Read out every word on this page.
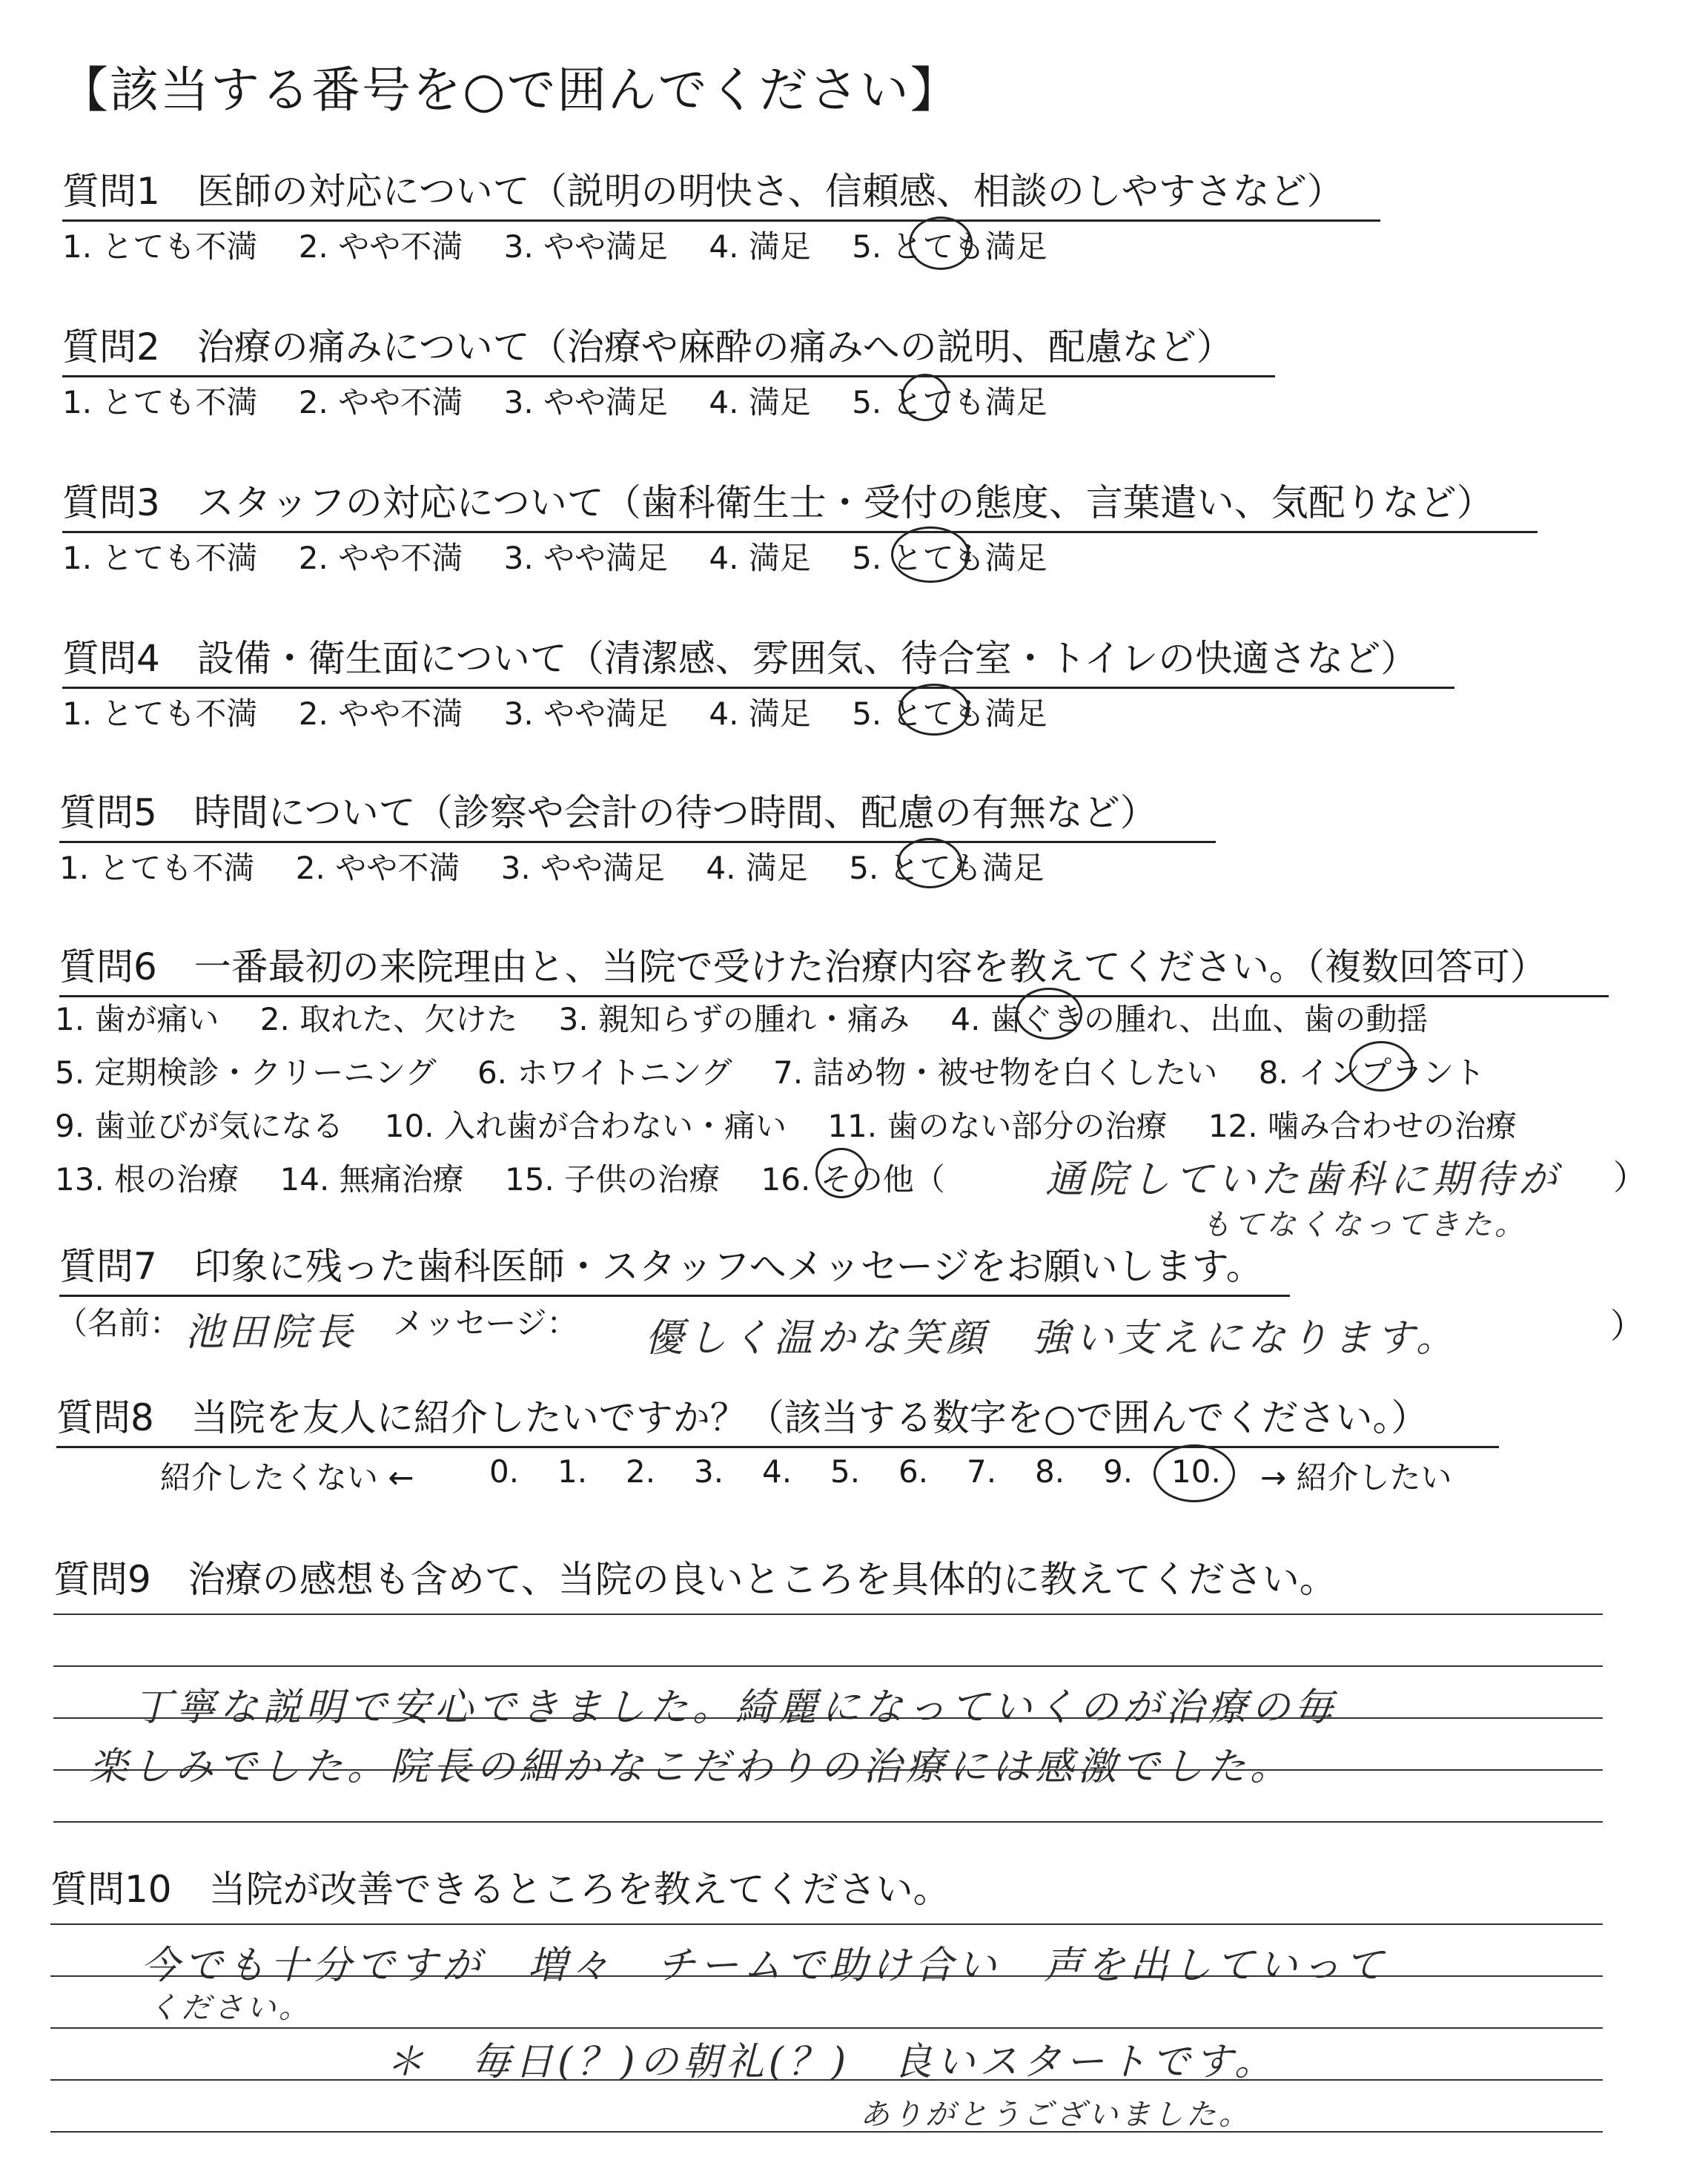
【該当する番号を○で囲んでください】
質問1　医師の対応について（説明の明快さ、信頼感、相談のしやすさなど）
1. とても不満　 2. やや不満　 3. やや満足　 4. 満足　 5. とても満足
質問2　治療の痛みについて（治療や麻酔の痛みへの説明、配慮など）
1. とても不満　 2. やや不満　 3. やや満足　 4. 満足　 5. とても満足
質問3　スタッフの対応について（歯科衛生士・受付の態度、言葉遣い、気配りなど）
1. とても不満　 2. やや不満　 3. やや満足　 4. 満足　 5. とても満足
質問4　設備・衛生面について（清潔感、雰囲気、待合室・トイレの快適さなど）
1. とても不満　 2. やや不満　 3. やや満足　 4. 満足　 5. とても満足
質問5　時間について（診察や会計の待つ時間、配慮の有無など）
1. とても不満　 2. やや不満　 3. やや満足　 4. 満足　 5. とても満足
質問6　一番最初の来院理由と、当院で受けた治療内容を教えてください。（複数回答可）
1. 歯が痛い　 2. 取れた、欠けた　 3. 親知らずの腫れ・痛み　 4. 歯ぐきの腫れ、出血、歯の動揺
5. 定期検診・クリーニング　 6. ホワイトニング　 7. 詰め物・被せ物を白くしたい　 8. インプラント
9. 歯並びが気になる　 10. 入れ歯が合わない・痛い　 11. 歯のない部分の治療　 12. 噛み合わせの治療
13. 根の治療　 14. 無痛治療　 15. 子供の治療　 16. その他（	通院していた歯科に期待が
もてなくなってきた。
）
質問7　印象に残った歯科医師・スタッフへメッセージをお願いします。
（名前： 池田院長 メッセージ： 優しく温かな笑顔　強い支えになります。	）
質問8　当院を友人に紹介したいですか？（該当する数字を○で囲んでください。）
紹介したくない ← 0. 1. 2. 3. 4. 5. 6. 7. 8. 9. 10.	→ 紹介したい
質問9　治療の感想も含めて、当院の良いところを具体的に教えてください。
丁寧な説明で安心できました。綺麗になっていくのが治療の毎
楽しみでした。院長の細かなこだわりの治療には感激でした。
質問10　当院が改善できるところを教えてください。
今でも十分ですが　増々　チームで助け合い　声を出していって
ください。
＊　毎日(？)の朝礼(？)　良いスタートです。
ありがとうございました。
